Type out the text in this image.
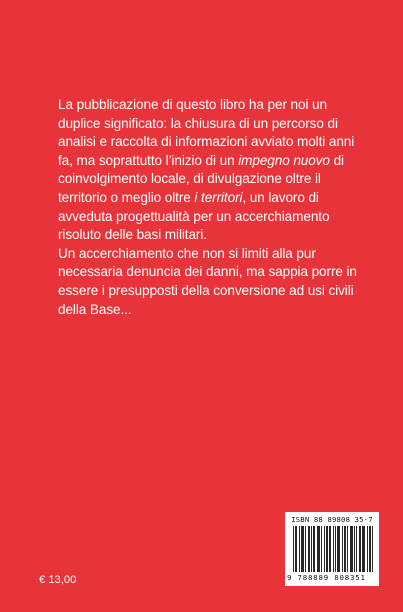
La pubblicazione di questo libro ha per noi un duplice significato: la chiusura di un percorso di analisi e raccolta di informazioni avviato molti anni fa, ma soprattutto l’inizio di un impegno nuovo di coinvolgimento locale, di divulgazione oltre il territorio o meglio oltre i territori, un lavoro di avveduta progettualità per un accerchiamento risoluto delle basi militari.

Un accerchiamento che non si limiti alla pur necessaria denuncia dei danni, ma sappia porre in essere i presupposti della conversione ad usi civili della Base...

ISBN 88 89808 35-7
9 788889 808351
€ 13,00
